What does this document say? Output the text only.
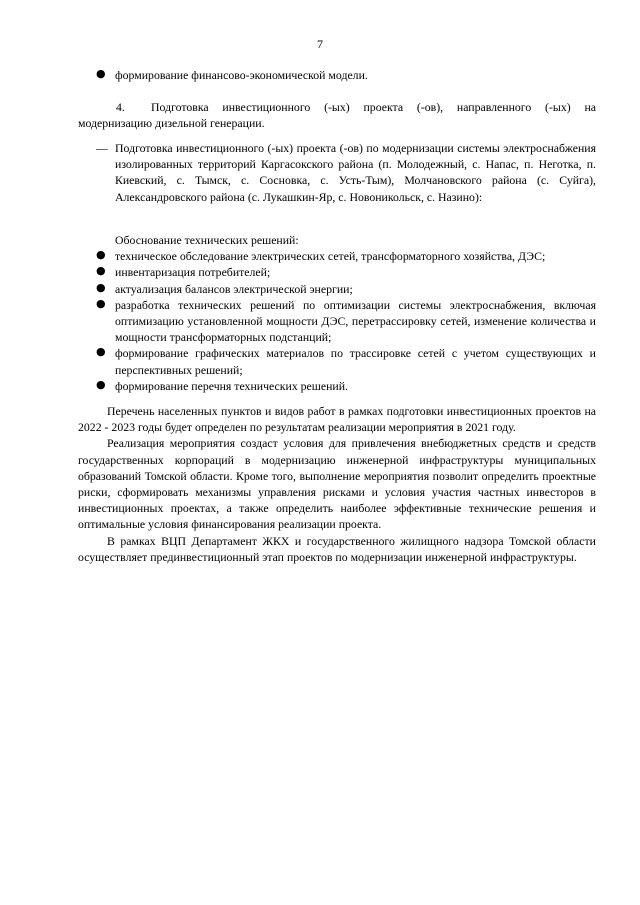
7
● формирование финансово-экономической модели.
4. Подготовка инвестиционного (-ых) проекта (-ов), направленного (-ых) на модернизацию дизельной генерации.
— Подготовка инвестиционного (-ых) проекта (-ов) по модернизации системы электроснабжения изолированных территорий Каргасокского района (п. Молодежный, с. Напас, п. Неготка, п. Киевский, с. Тымск, с. Сосновка, с. Усть-Тым), Молчановского района (с. Суйга), Александровского района (с. Лукашкин-Яр, с. Новоникольск, с. Назино):
Обоснование технических решений:
● техническое обследование электрических сетей, трансформаторного хозяйства, ДЭС;
● инвентаризация потребителей;
● актуализация балансов электрической энергии;
● разработка технических решений по оптимизации системы электроснабжения, включая оптимизацию установленной мощности ДЭС, перетрассировку сетей, изменение количества и мощности трансформаторных подстанций;
● формирование графических материалов по трассировке сетей с учетом существующих и перспективных решений;
● формирование перечня технических решений.
Перечень населенных пунктов и видов работ в рамках подготовки инвестиционных проектов на 2022 - 2023 годы будет определен по результатам реализации мероприятия в 2021 году.
Реализация мероприятия создаст условия для привлечения внебюджетных средств и средств государственных корпораций в модернизацию инженерной инфраструктуры муниципальных образований Томской области. Кроме того, выполнение мероприятия позволит определить проектные риски, сформировать механизмы управления рисками и условия участия частных инвесторов в инвестиционных проектах, а также определить наиболее эффективные технические решения и оптимальные условия финансирования реализации проекта.
В рамках ВЦП Департамент ЖКХ и государственного жилищного надзора Томской области осуществляет прединвестиционный этап проектов по модернизации инженерной инфраструктуры.
